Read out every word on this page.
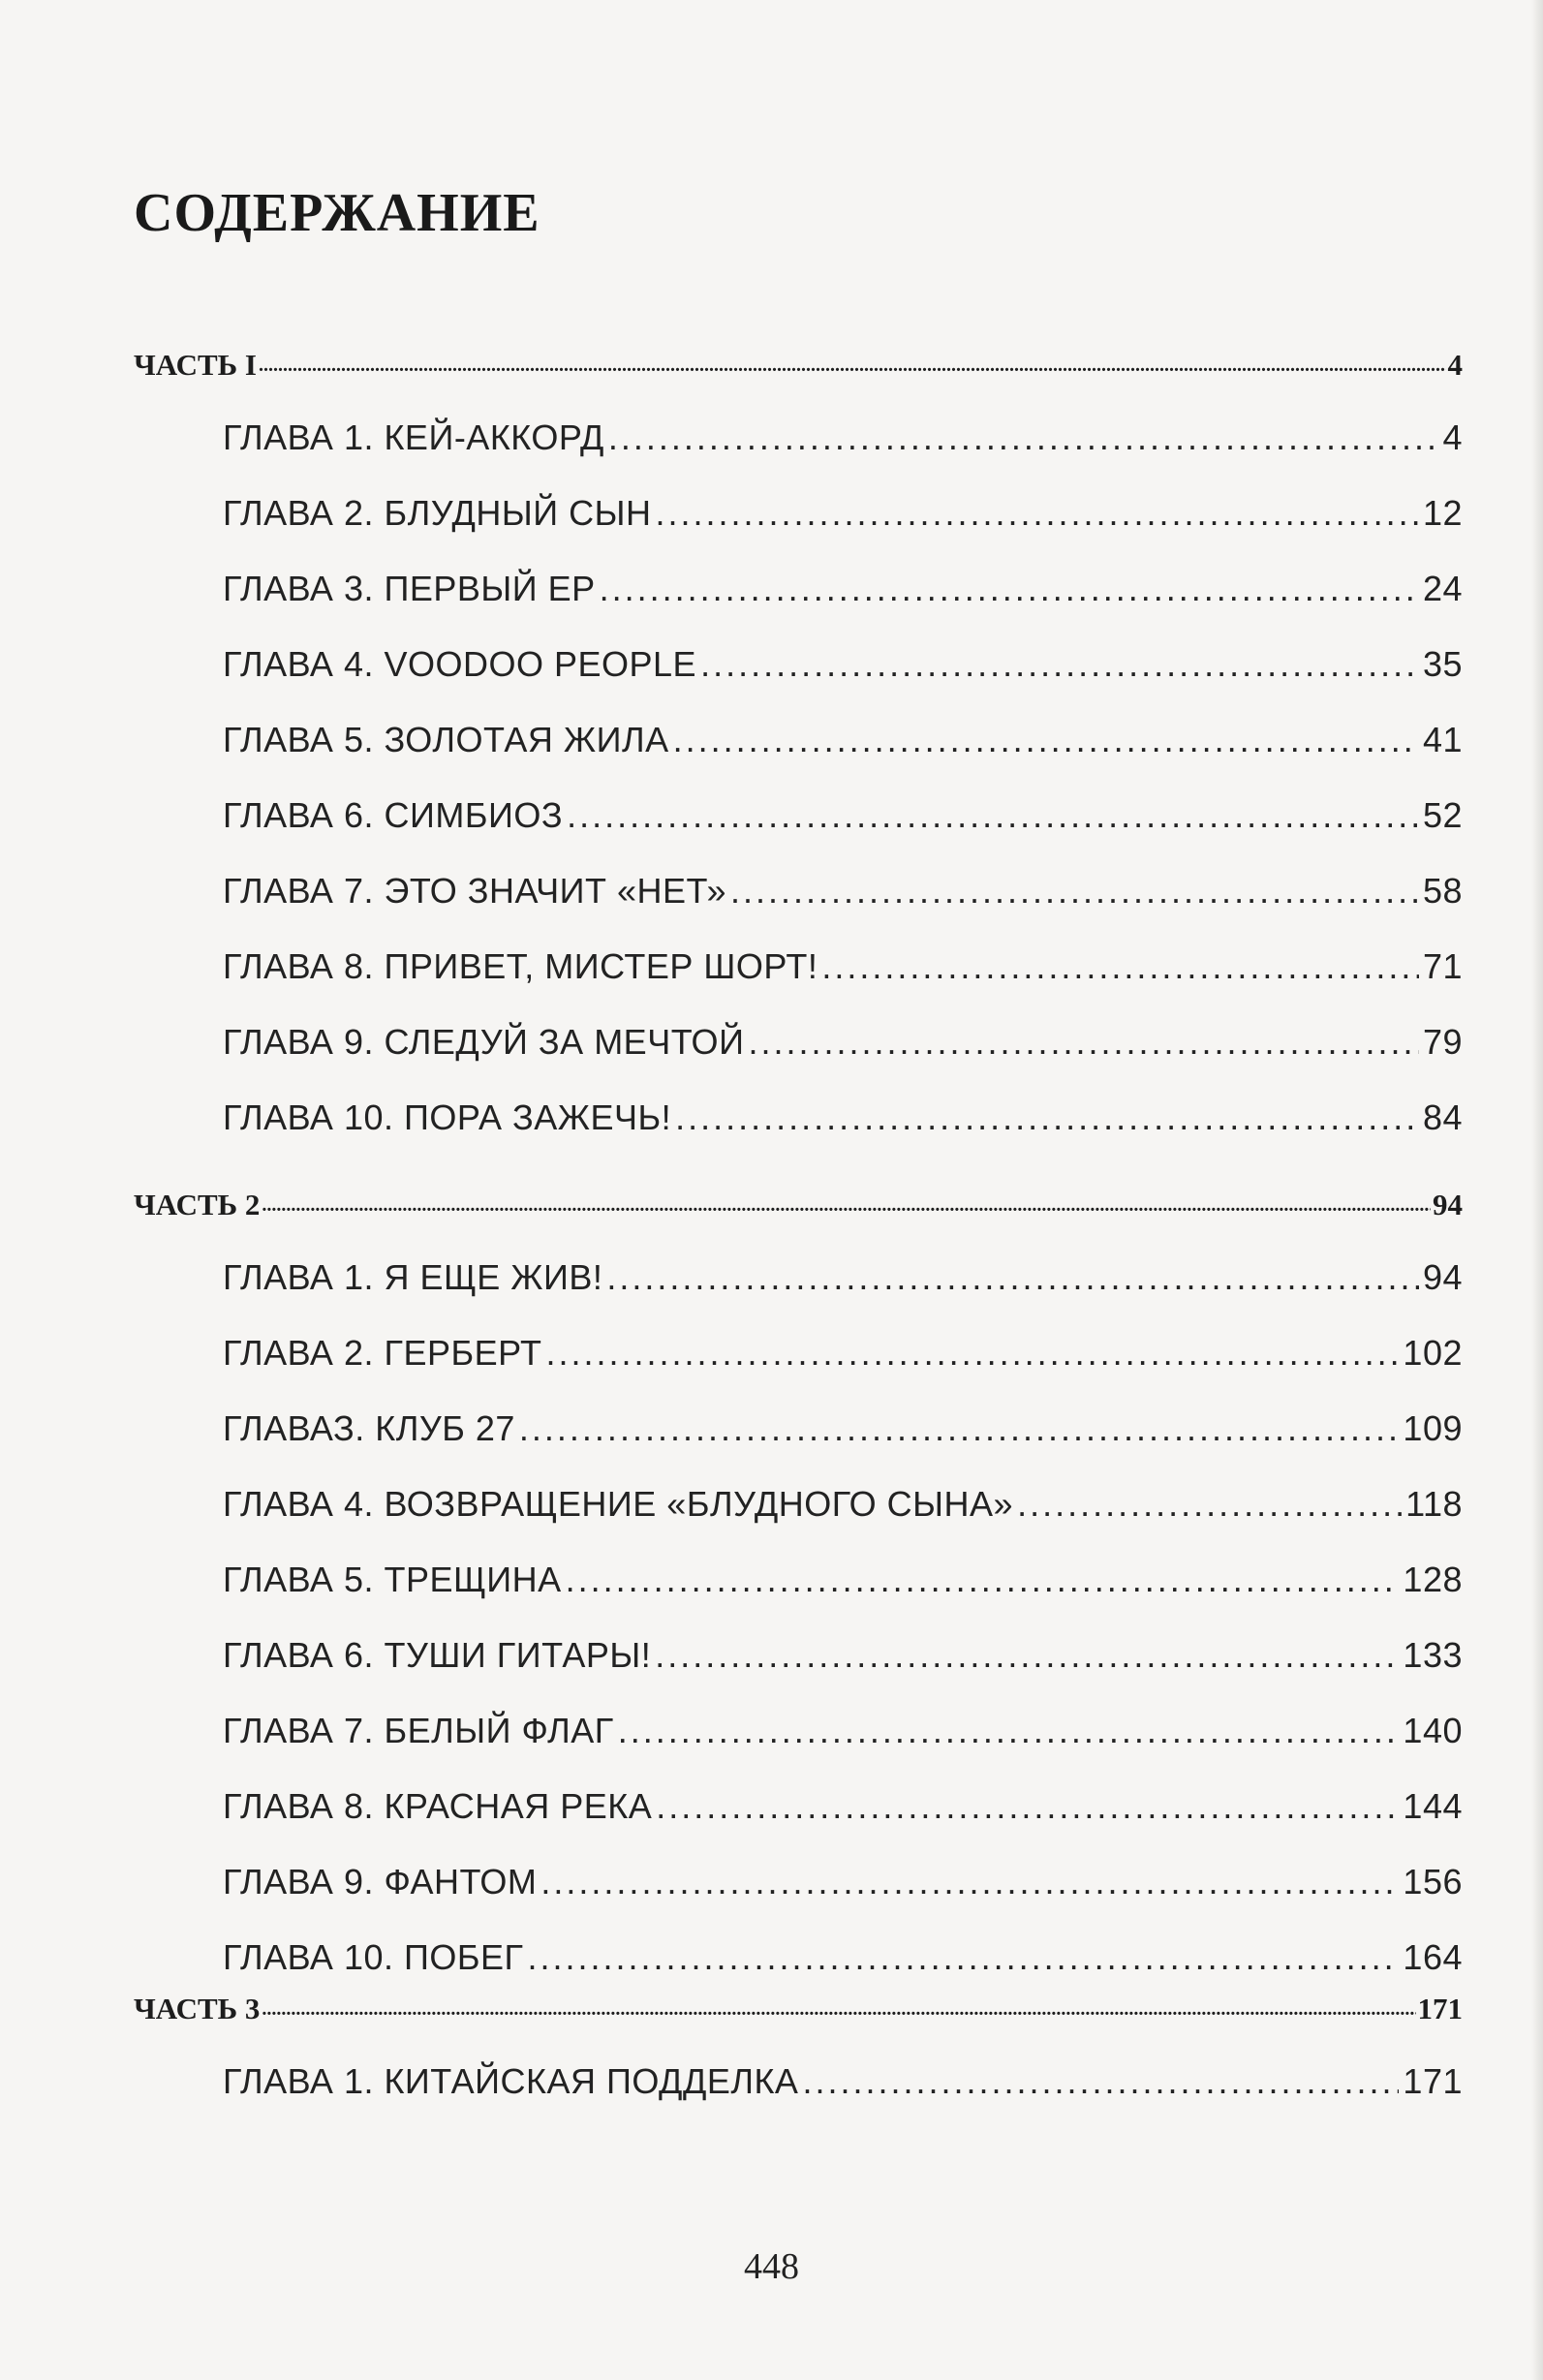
СОДЕРЖАНИЕ
ЧАСТЬ I .....	4
ГЛАВА 1. КЕЙ-АККОРД .....	4
ГЛАВА 2. БЛУДНЫЙ СЫН .....	12
ГЛАВА 3. ПЕРВЫЙ ЕР .....	24
ГЛАВА 4. VOODOO PEOPLE .....	35
ГЛАВА 5. ЗОЛОТАЯ ЖИЛА .....	41
ГЛАВА 6. СИМБИОЗ .....	52
ГЛАВА 7. ЭТО ЗНАЧИТ «НЕТ» .....	58
ГЛАВА 8. ПРИВЕТ, МИСТЕР ШОРТ! .....	71
ГЛАВА 9. СЛЕДУЙ ЗА МЕЧТОЙ .....	79
ГЛАВА 10. ПОРА ЗАЖЕЧЬ! .....	84
ЧАСТЬ 2 .....	94
ГЛАВА 1. Я ЕЩЕ ЖИВ! .....	94
ГЛАВА 2. ГЕРБЕРТ .....	102
ГЛАВАЗ. КЛУБ 27 .....	109
ГЛАВА 4. ВОЗВРАЩЕНИЕ «БЛУДНОГО СЫНА» .....	118
ГЛАВА 5. ТРЕЩИНА .....	128
ГЛАВА 6. ТУШИ ГИТАРЫ! .....	133
ГЛАВА 7. БЕЛЫЙ ФЛАГ .....	140
ГЛАВА 8. КРАСНАЯ РЕКА .....	144
ГЛАВА 9. ФАНТОМ .....	156
ГЛАВА 10. ПОБЕГ .....	164
ЧАСТЬ 3 .....	171
ГЛАВА 1. КИТАЙСКАЯ ПОДДЕЛКА .....	171
448
